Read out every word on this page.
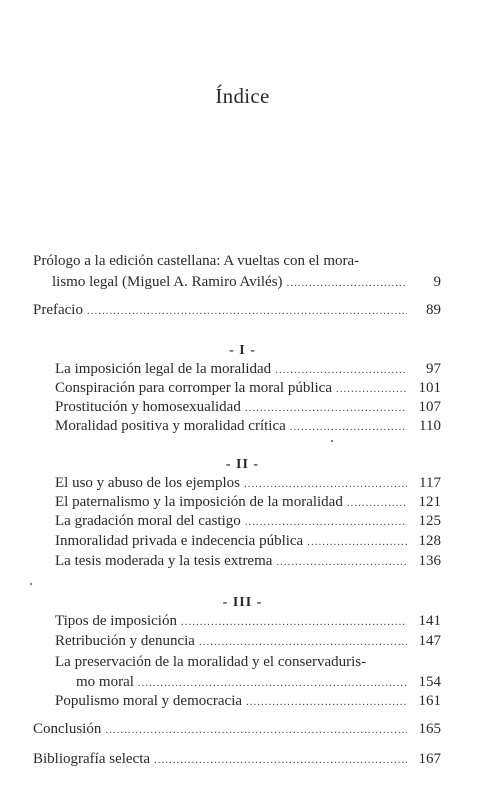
Índice
Prólogo a la edición castellana: A vueltas con el mora-
lismo legal (Miguel A. Ramiro Avilés) .....	9
Prefacio .....	89
- I -
La imposición legal de la moralidad .....	97
Conspiración para corromper la moral pública .....	101
Prostitución y homosexualidad .....	107
Moralidad positiva y moralidad crítica .....	110
- II -
El uso y abuso de los ejemplos .....	117
El paternalismo y la imposición de la moralidad .....	121
La gradación moral del castigo .....	125
Inmoralidad privada e indecencia pública .....	128
La tesis moderada y la tesis extrema .....	136
- III -
Tipos de imposición .....	141
Retribución y denuncia .....	147
La preservación de la moralidad y el conservaduris-
mo moral .....	154
Populismo moral y democracia .....	161
Conclusión .....	165
Bibliografía selecta .....	167
